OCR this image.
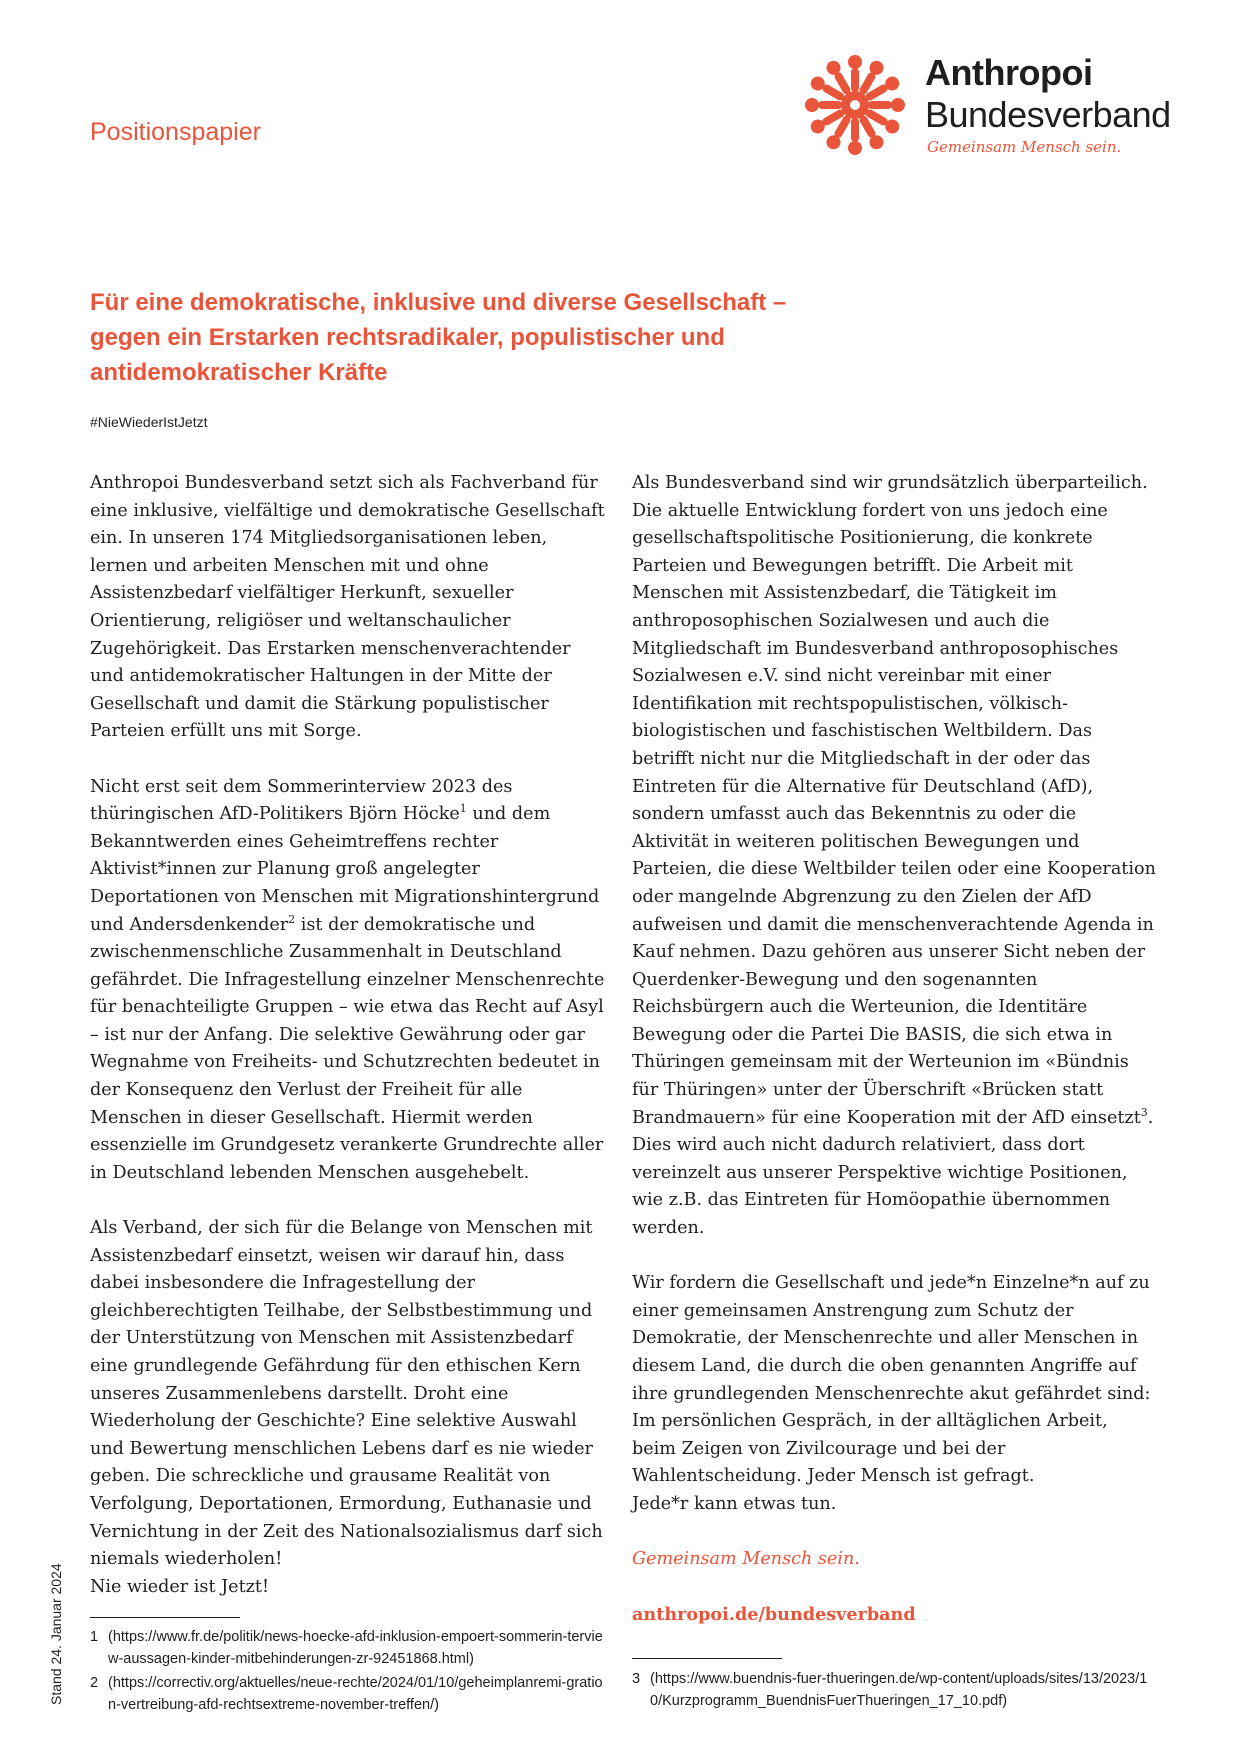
Positionspapier
Anthropoi
Bundesverband
Gemeinsam Mensch sein.
Für eine demokratische, inklusive und diverse Gesellschaft – gegen ein Erstarken rechtsradikaler, populistischer und antidemokratischer Kräfte
#NieWiederIstJetzt

Anthropoi Bundesverband setzt sich als Fachverband für eine inklusive, vielfältige und demokratische Gesellschaft ein. In unseren 174 Mitgliedsorganisationen leben, lernen und arbeiten Menschen mit und ohne Assistenzbedarf vielfältiger Herkunft, sexueller Orientierung, religiöser und weltanschaulicher Zugehörigkeit. Das Erstarken menschenverachtender und antidemokratischer Haltungen in der Mitte der Gesellschaft und damit die Stärkung populistischer Parteien erfüllt uns mit Sorge.

Nicht erst seit dem Sommerinterview 2023 des thüringischen AfD-Politikers Björn Höcke$^1$ und dem Bekanntwerden eines Geheimtreffens rechter Aktivist*innen zur Planung groß angelegter Deportationen von Menschen mit Migrationshintergrund und Andersdenkender$^2$ ist der demokratische und zwischenmenschliche Zusammenhalt in Deutschland gefährdet. Die Infragestellung einzelner Menschenrechte für benachteiligte Gruppen – wie etwa das Recht auf Asyl – ist nur der Anfang. Die selektive Gewährung oder gar Wegnahme von Freiheits- und Schutzrechten bedeutet in der Konsequenz den Verlust der Freiheit für alle Menschen in dieser Gesellschaft. Hiermit werden essenzielle im Grundgesetz verankerte Grundrechte aller in Deutschland lebenden Menschen ausgehebelt.

Als Verband, der sich für die Belange von Menschen mit Assistenzbedarf einsetzt, weisen wir darauf hin, dass dabei insbesondere die Infragestellung der gleichberechtigten Teilhabe, der Selbstbestimmung und der Unterstützung von Menschen mit Assistenzbedarf eine grundlegende Gefährdung für den ethischen Kern unseres Zusammenlebens darstellt. Droht eine Wiederholung der Geschichte? Eine selektive Auswahl und Bewertung menschlichen Lebens darf es nie wieder geben. Die schreckliche und grausame Realität von Verfolgung, Deportationen, Ermordung, Euthanasie und Vernichtung in der Zeit des Nationalsozialismus darf sich niemals wiederholen!

Nie wieder ist Jetzt!

Als Bundesverband sind wir grundsätzlich überparteilich. Die aktuelle Entwicklung fordert von uns jedoch eine gesellschaftspolitische Positionierung, die konkrete Parteien und Bewegungen betrifft. Die Arbeit mit Menschen mit Assistenzbedarf, die Tätigkeit im anthroposophischen Sozialwesen und auch die Mitgliedschaft im Bundesverband anthroposophisches Sozialwesen e.V. sind nicht vereinbar mit einer Identifikation mit rechtspopulistischen, völkisch-biologistischen und faschistischen Weltbildern. Das betrifft nicht nur die Mitgliedschaft in der oder das Eintreten für die Alternative für Deutschland (AfD), sondern umfasst auch das Bekenntnis zu oder die Aktivität in weiteren politischen Bewegungen und Parteien, die diese Weltbilder teilen oder eine Kooperation oder mangelnde Abgrenzung zu den Zielen der AfD aufweisen und damit die menschenverachtende Agenda in Kauf nehmen. Dazu gehören aus unserer Sicht neben der Querdenker-Bewegung und den sogenannten Reichsbürgern auch die Werteunion, die Identitäre Bewegung oder die Partei Die BASIS, die sich etwa in Thüringen gemeinsam mit der Werteunion im «Bündnis für Thüringen» unter der Überschrift «Brücken statt Brandmauern» für eine Kooperation mit der AfD einsetzt$^3$. Dies wird auch nicht dadurch relativiert, dass dort vereinzelt aus unserer Perspektive wichtige Positionen, wie z.B. das Eintreten für Homöopathie übernommen werden.

Wir fordern die Gesellschaft und jede*n Einzelne*n auf zu einer gemeinsamen Anstrengung zum Schutz der Demokratie, der Menschenrechte und aller Menschen in diesem Land, die durch die oben genannten Angriffe auf ihre grundlegenden Menschenrechte akut gefährdet sind: Im persönlichen Gespräch, in der alltäglichen Arbeit, beim Zeigen von Zivilcourage und bei der Wahlentscheidung. Jeder Mensch ist gefragt.

Jede*r kann etwas tun.

Gemeinsam Mensch sein.

anthropoi.de/bundesverband

1 (https://www.fr.de/politik/news-hoecke-afd-inklusion-empoert-sommerin-terview-aussagen-kinder-mitbehinderungen-zr-92451868.html)
2 (https://correctiv.org/aktuelles/neue-rechte/2024/01/10/geheimplanremi-gration-vertreibung-afd-rechtsextreme-november-treffen/)
3 (https://www.buendnis-fuer-thueringen.de/wp-content/uploads/sites/13/2023/10/Kurzprogramm_BuendnisFuerThueringen_17_10.pdf)
Stand 24. Januar 2024
